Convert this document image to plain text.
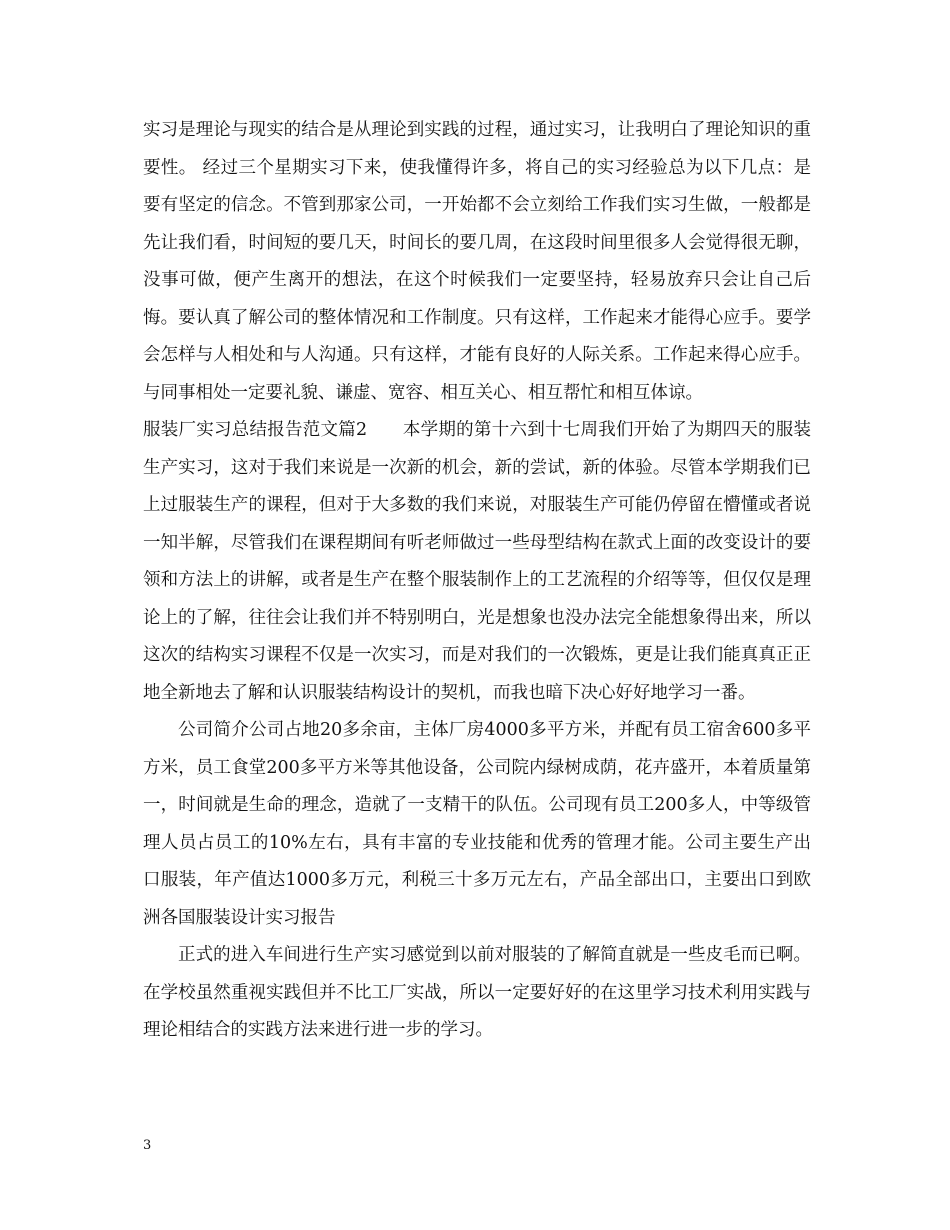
实习是理论与现实的结合是从理论到实践的过程，通过实习，让我明白了理论知识的重要性。 经过三个星期实习下来，使我懂得许多，将自己的实习经验总为以下几点：是要有坚定的信念。不管到那家公司，一开始都不会立刻给工作我们实习生做，一般都是先让我们看，时间短的要几天，时间长的要几周，在这段时间里很多人会觉得很无聊，没事可做，便产生离开的想法，在这个时候我们一定要坚持，轻易放弃只会让自己后悔。要认真了解公司的整体情况和工作制度。只有这样，工作起来才能得心应手。要学会怎样与人相处和与人沟通。只有这样，才能有良好的人际关系。工作起来得心应手。与同事相处一定要礼貌、谦虚、宽容、相互关心、相互帮忙和相互体谅。

服装厂实习总结报告范文篇2　　本学期的第十六到十七周我们开始了为期四天的服装生产实习，这对于我们来说是一次新的机会，新的尝试，新的体验。尽管本学期我们已上过服装生产的课程，但对于大多数的我们来说，对服装生产可能仍停留在懵懂或者说一知半解，尽管我们在课程期间有听老师做过一些母型结构在款式上面的改变设计的要领和方法上的讲解，或者是生产在整个服装制作上的工艺流程的介绍等等，但仅仅是理论上的了解，往往会让我们并不特别明白，光是想象也没办法完全能想象得出来，所以这次的结构实习课程不仅是一次实习，而是对我们的一次锻炼，更是让我们能真真正正地全新地去了解和认识服装结构设计的契机，而我也暗下决心好好地学习一番。

公司简介公司占地20多余亩，主体厂房4000多平方米，并配有员工宿舍600多平方米，员工食堂200多平方米等其他设备，公司院内绿树成荫，花卉盛开，本着质量第一，时间就是生命的理念，造就了一支精干的队伍。公司现有员工200多人，中等级管理人员占员工的10%左右，具有丰富的专业技能和优秀的管理才能。公司主要生产出口服装，年产值达1000多万元，利税三十多万元左右，产品全部出口，主要出口到欧洲各国服装设计实习报告

正式的进入车间进行生产实习感觉到以前对服装的了解简直就是一些皮毛而已啊。在学校虽然重视实践但并不比工厂实战，所以一定要好好的在这里学习技术利用实践与理论相结合的实践方法来进行进一步的学习。

3
